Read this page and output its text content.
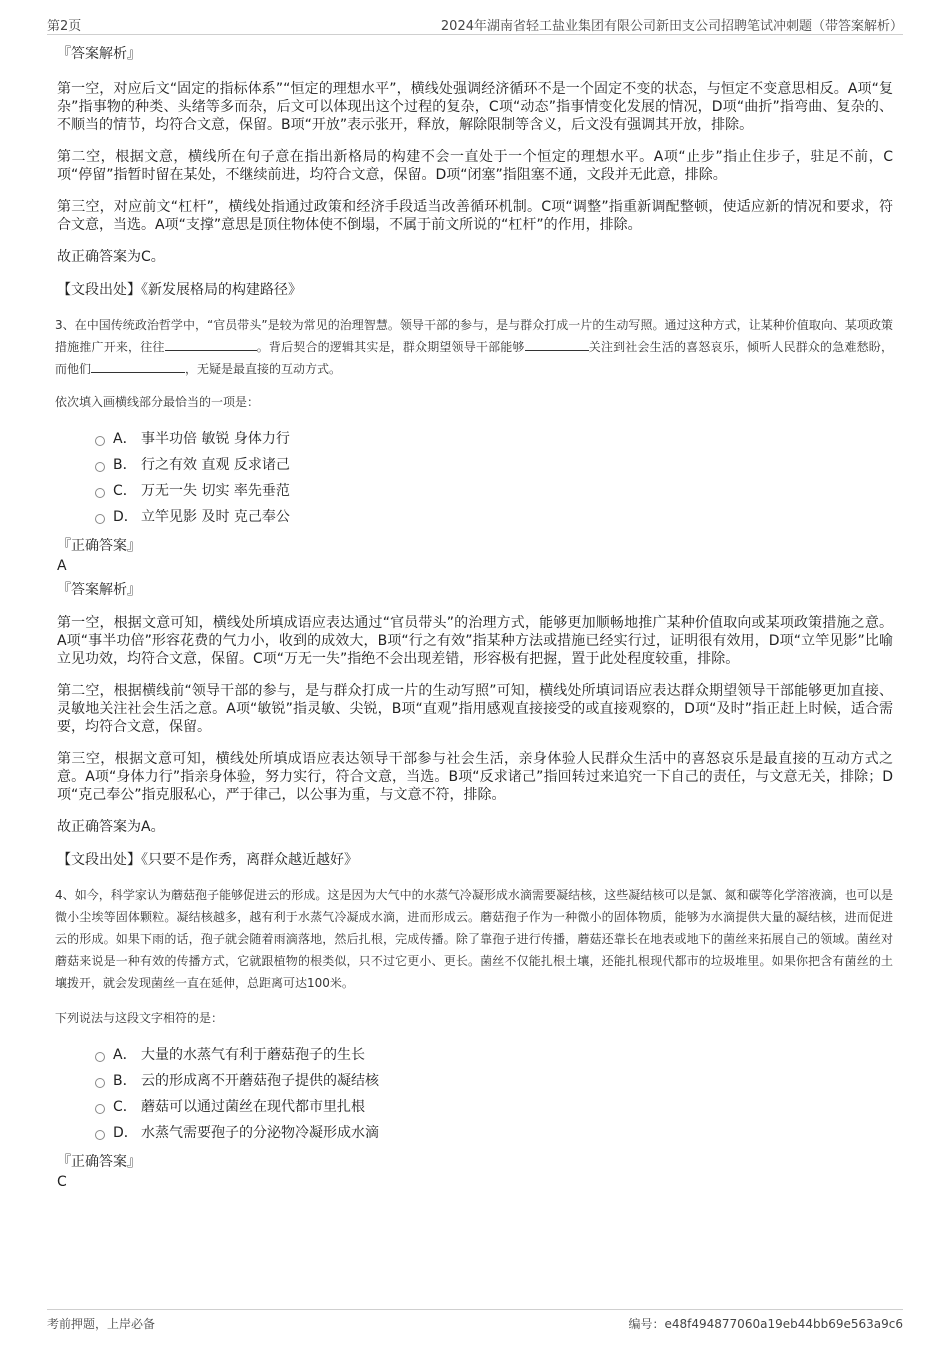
第2页	2024年湖南省轻工盐业集团有限公司新田支公司招聘笔试冲刺题（带答案解析）
『答案解析』

第一空，对应后文“固定的指标体系”“恒定的理想水平”，横线处强调经济循环不是一个固定不变的状态，与恒定不变意思相反。A项“复杂”指事物的种类、头绪等多而杂，后文可以体现出这个过程的复杂，C项“动态”指事情变化发展的情况，D项“曲折”指弯曲、复杂的、不顺当的情节，均符合文意，保留。B项“开放”表示张开，释放，解除限制等含义，后文没有强调其开放，排除。

第二空，根据文意，横线所在句子意在指出新格局的构建不会一直处于一个恒定的理想水平。A项“止步”指止住步子，驻足不前，C项“停留”指暂时留在某处，不继续前进，均符合文意，保留。D项“闭塞”指阻塞不通，文段并无此意，排除。

第三空，对应前文“杠杆”，横线处指通过政策和经济手段适当改善循环机制。C项“调整”指重新调配整顿，使适应新的情况和要求，符合文意，当选。A项“支撑”意思是顶住物体使不倒塌，不属于前文所说的“杠杆”的作用，排除。

故正确答案为C。

【文段出处】《新发展格局的构建路径》
3、在中国传统政治哲学中，“官员带头”是较为常见的治理智慧。领导干部的参与，是与群众打成一片的生动写照。通过这种方式，让某种价值取向、某项政策措施推广开来，往往	。背后契合的逻辑其实是，群众期望领导干部能够	关注到社会生活的喜怒哀乐，倾听人民群众的急难愁盼，而他们	，无疑是最直接的互动方式。
依次填入画横线部分最恰当的一项是：
A． 事半功倍 敏锐 身体力行
B． 行之有效 直观 反求诸己
C． 万无一失 切实 率先垂范
D． 立竿见影 及时 克己奉公
『正确答案』
A
『答案解析』

第一空，根据文意可知，横线处所填成语应表达通过“官员带头”的治理方式，能够更加顺畅地推广某种价值取向或某项政策措施之意。A项“事半功倍”形容花费的气力小，收到的成效大，B项“行之有效”指某种方法或措施已经实行过，证明很有效用，D项“立竿见影”比喻立见功效，均符合文意，保留。C项“万无一失”指绝不会出现差错，形容极有把握，置于此处程度较重，排除。

第二空，根据横线前“领导干部的参与，是与群众打成一片的生动写照”可知，横线处所填词语应表达群众期望领导干部能够更加直接、灵敏地关注社会生活之意。A项“敏锐”指灵敏、尖锐，B项“直观”指用感观直接接受的或直接观察的，D项“及时”指正赶上时候，适合需要，均符合文意，保留。

第三空，根据文意可知，横线处所填成语应表达领导干部参与社会生活，亲身体验人民群众生活中的喜怒哀乐是最直接的互动方式之意。A项“身体力行”指亲身体验，努力实行，符合文意，当选。B项“反求诸己”指回转过来追究一下自己的责任，与文意无关，排除；D项“克己奉公”指克服私心，严于律己，以公事为重，与文意不符，排除。

故正确答案为A。

【文段出处】《只要不是作秀，离群众越近越好》
4、如今，科学家认为蘑菇孢子能够促进云的形成。这是因为大气中的水蒸气冷凝形成水滴需要凝结核，这些凝结核可以是氯、氮和碳等化学溶液滴，也可以是微小尘埃等固体颗粒。凝结核越多，越有利于水蒸气冷凝成水滴，进而形成云。蘑菇孢子作为一种微小的固体物质，能够为水滴提供大量的凝结核，进而促进云的形成。如果下雨的话，孢子就会随着雨滴落地，然后扎根，完成传播。除了靠孢子进行传播，蘑菇还靠长在地表或地下的菌丝来拓展自己的领域。菌丝对蘑菇来说是一种有效的传播方式，它就跟植物的根类似，只不过它更小、更长。菌丝不仅能扎根土壤，还能扎根现代都市的垃圾堆里。如果你把含有菌丝的土壤拨开，就会发现菌丝一直在延伸，总距离可达100米。
下列说法与这段文字相符的是：
A． 大量的水蒸气有利于蘑菇孢子的生长
B． 云的形成离不开蘑菇孢子提供的凝结核
C． 蘑菇可以通过菌丝在现代都市里扎根
D． 水蒸气需要孢子的分泌物冷凝形成水滴
『正确答案』
C
考前押题，上岸必备	编号：e48f494877060a19eb44bb69e563a9c6
